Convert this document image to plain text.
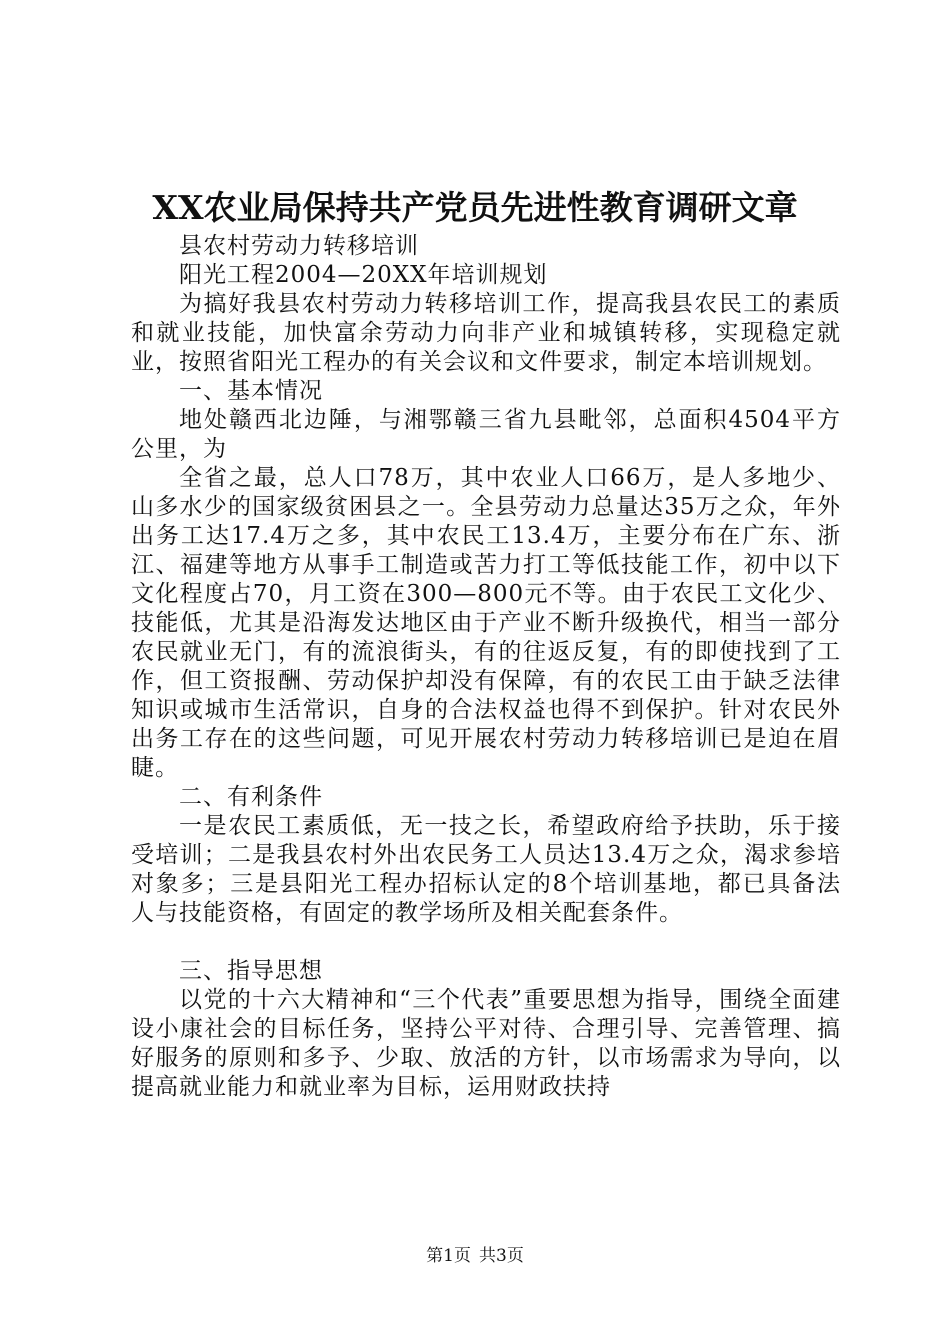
XX农业局保持共产党员先进性教育调研文章

县农村劳动力转移培训

阳光工程2004—20XX年培训规划

为搞好我县农村劳动力转移培训工作，提高我县农民工的素质和就业技能，加快富余劳动力向非产业和城镇转移，实现稳定就业，按照省阳光工程办的有关会议和文件要求，制定本培训规划。

一、基本情况

地处赣西北边陲，与湘鄂赣三省九县毗邻，总面积4504平方公里，为

全省之最，总人口78万，其中农业人口66万，是人多地少、山多水少的国家级贫困县之一。全县劳动力总量达35万之众，年外出务工达17.4万之多，其中农民工13.4万，主要分布在广东、浙江、福建等地方从事手工制造或苦力打工等低技能工作，初中以下文化程度占70，月工资在300—800元不等。由于农民工文化少、技能低，尤其是沿海发达地区由于产业不断升级换代，相当一部分农民就业无门，有的流浪街头，有的往返反复，有的即使找到了工作，但工资报酬、劳动保护却没有保障，有的农民工由于缺乏法律知识或城市生活常识，自身的合法权益也得不到保护。针对农民外出务工存在的这些问题，可见开展农村劳动力转移培训已是迫在眉睫。

二、有利条件

一是农民工素质低，无一技之长，希望政府给予扶助，乐于接受培训；二是我县农村外出农民务工人员达13.4万之众，渴求参培对象多；三是县阳光工程办招标认定的8个培训基地，都已具备法人与技能资格，有固定的教学场所及相关配套条件。

三、指导思想

以党的十六大精神和“三个代表”重要思想为指导，围绕全面建设小康社会的目标任务，坚持公平对待、合理引导、完善管理、搞好服务的原则和多予、少取、放活的方针，以市场需求为导向，以提高就业能力和就业率为目标，运用财政扶持

第1页 共3页
